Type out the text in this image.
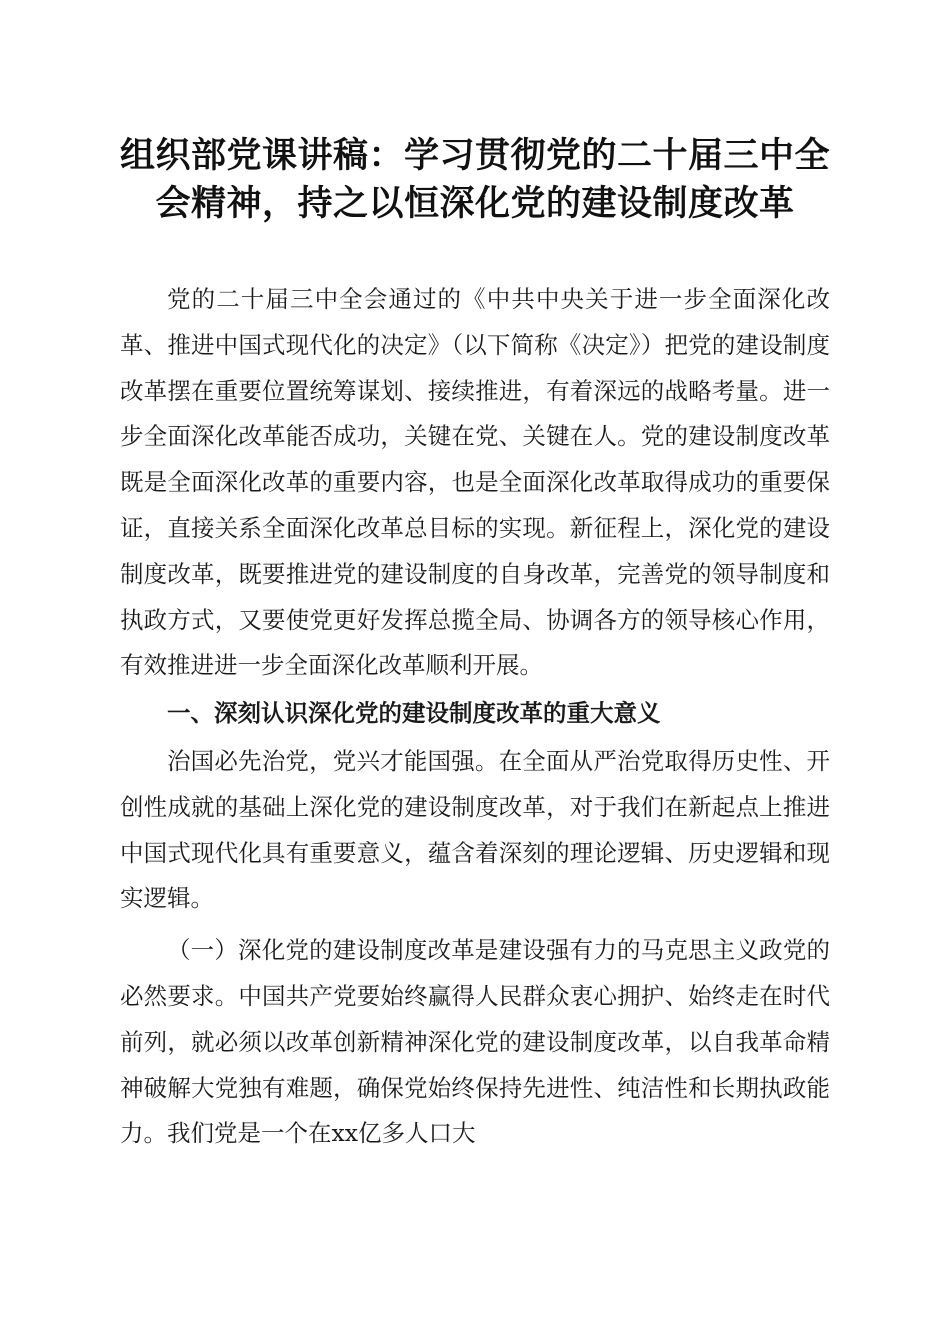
组织部党课讲稿：学习贯彻党的二十届三中全会精神，持之以恒深化党的建设制度改革

党的二十届三中全会通过的《中共中央关于进一步全面深化改革、推进中国式现代化的决定》（以下简称《决定》）把党的建设制度改革摆在重要位置统筹谋划、接续推进，有着深远的战略考量。进一步全面深化改革能否成功，关键在党、关键在人。党的建设制度改革既是全面深化改革的重要内容，也是全面深化改革取得成功的重要保证，直接关系全面深化改革总目标的实现。新征程上，深化党的建设制度改革，既要推进党的建设制度的自身改革，完善党的领导制度和执政方式，又要使党更好发挥总揽全局、协调各方的领导核心作用，有效推进进一步全面深化改革顺利开展。

一、深刻认识深化党的建设制度改革的重大意义

治国必先治党，党兴才能国强。在全面从严治党取得历史性、开创性成就的基础上深化党的建设制度改革，对于我们在新起点上推进中国式现代化具有重要意义，蕴含着深刻的理论逻辑、历史逻辑和现实逻辑。

（一）深化党的建设制度改革是建设强有力的马克思主义政党的必然要求。中国共产党要始终赢得人民群众衷心拥护、始终走在时代前列，就必须以改革创新精神深化党的建设制度改革，以自我革命精神破解大党独有难题，确保党始终保持先进性、纯洁性和长期执政能力。我们党是一个在xx亿多人口大
